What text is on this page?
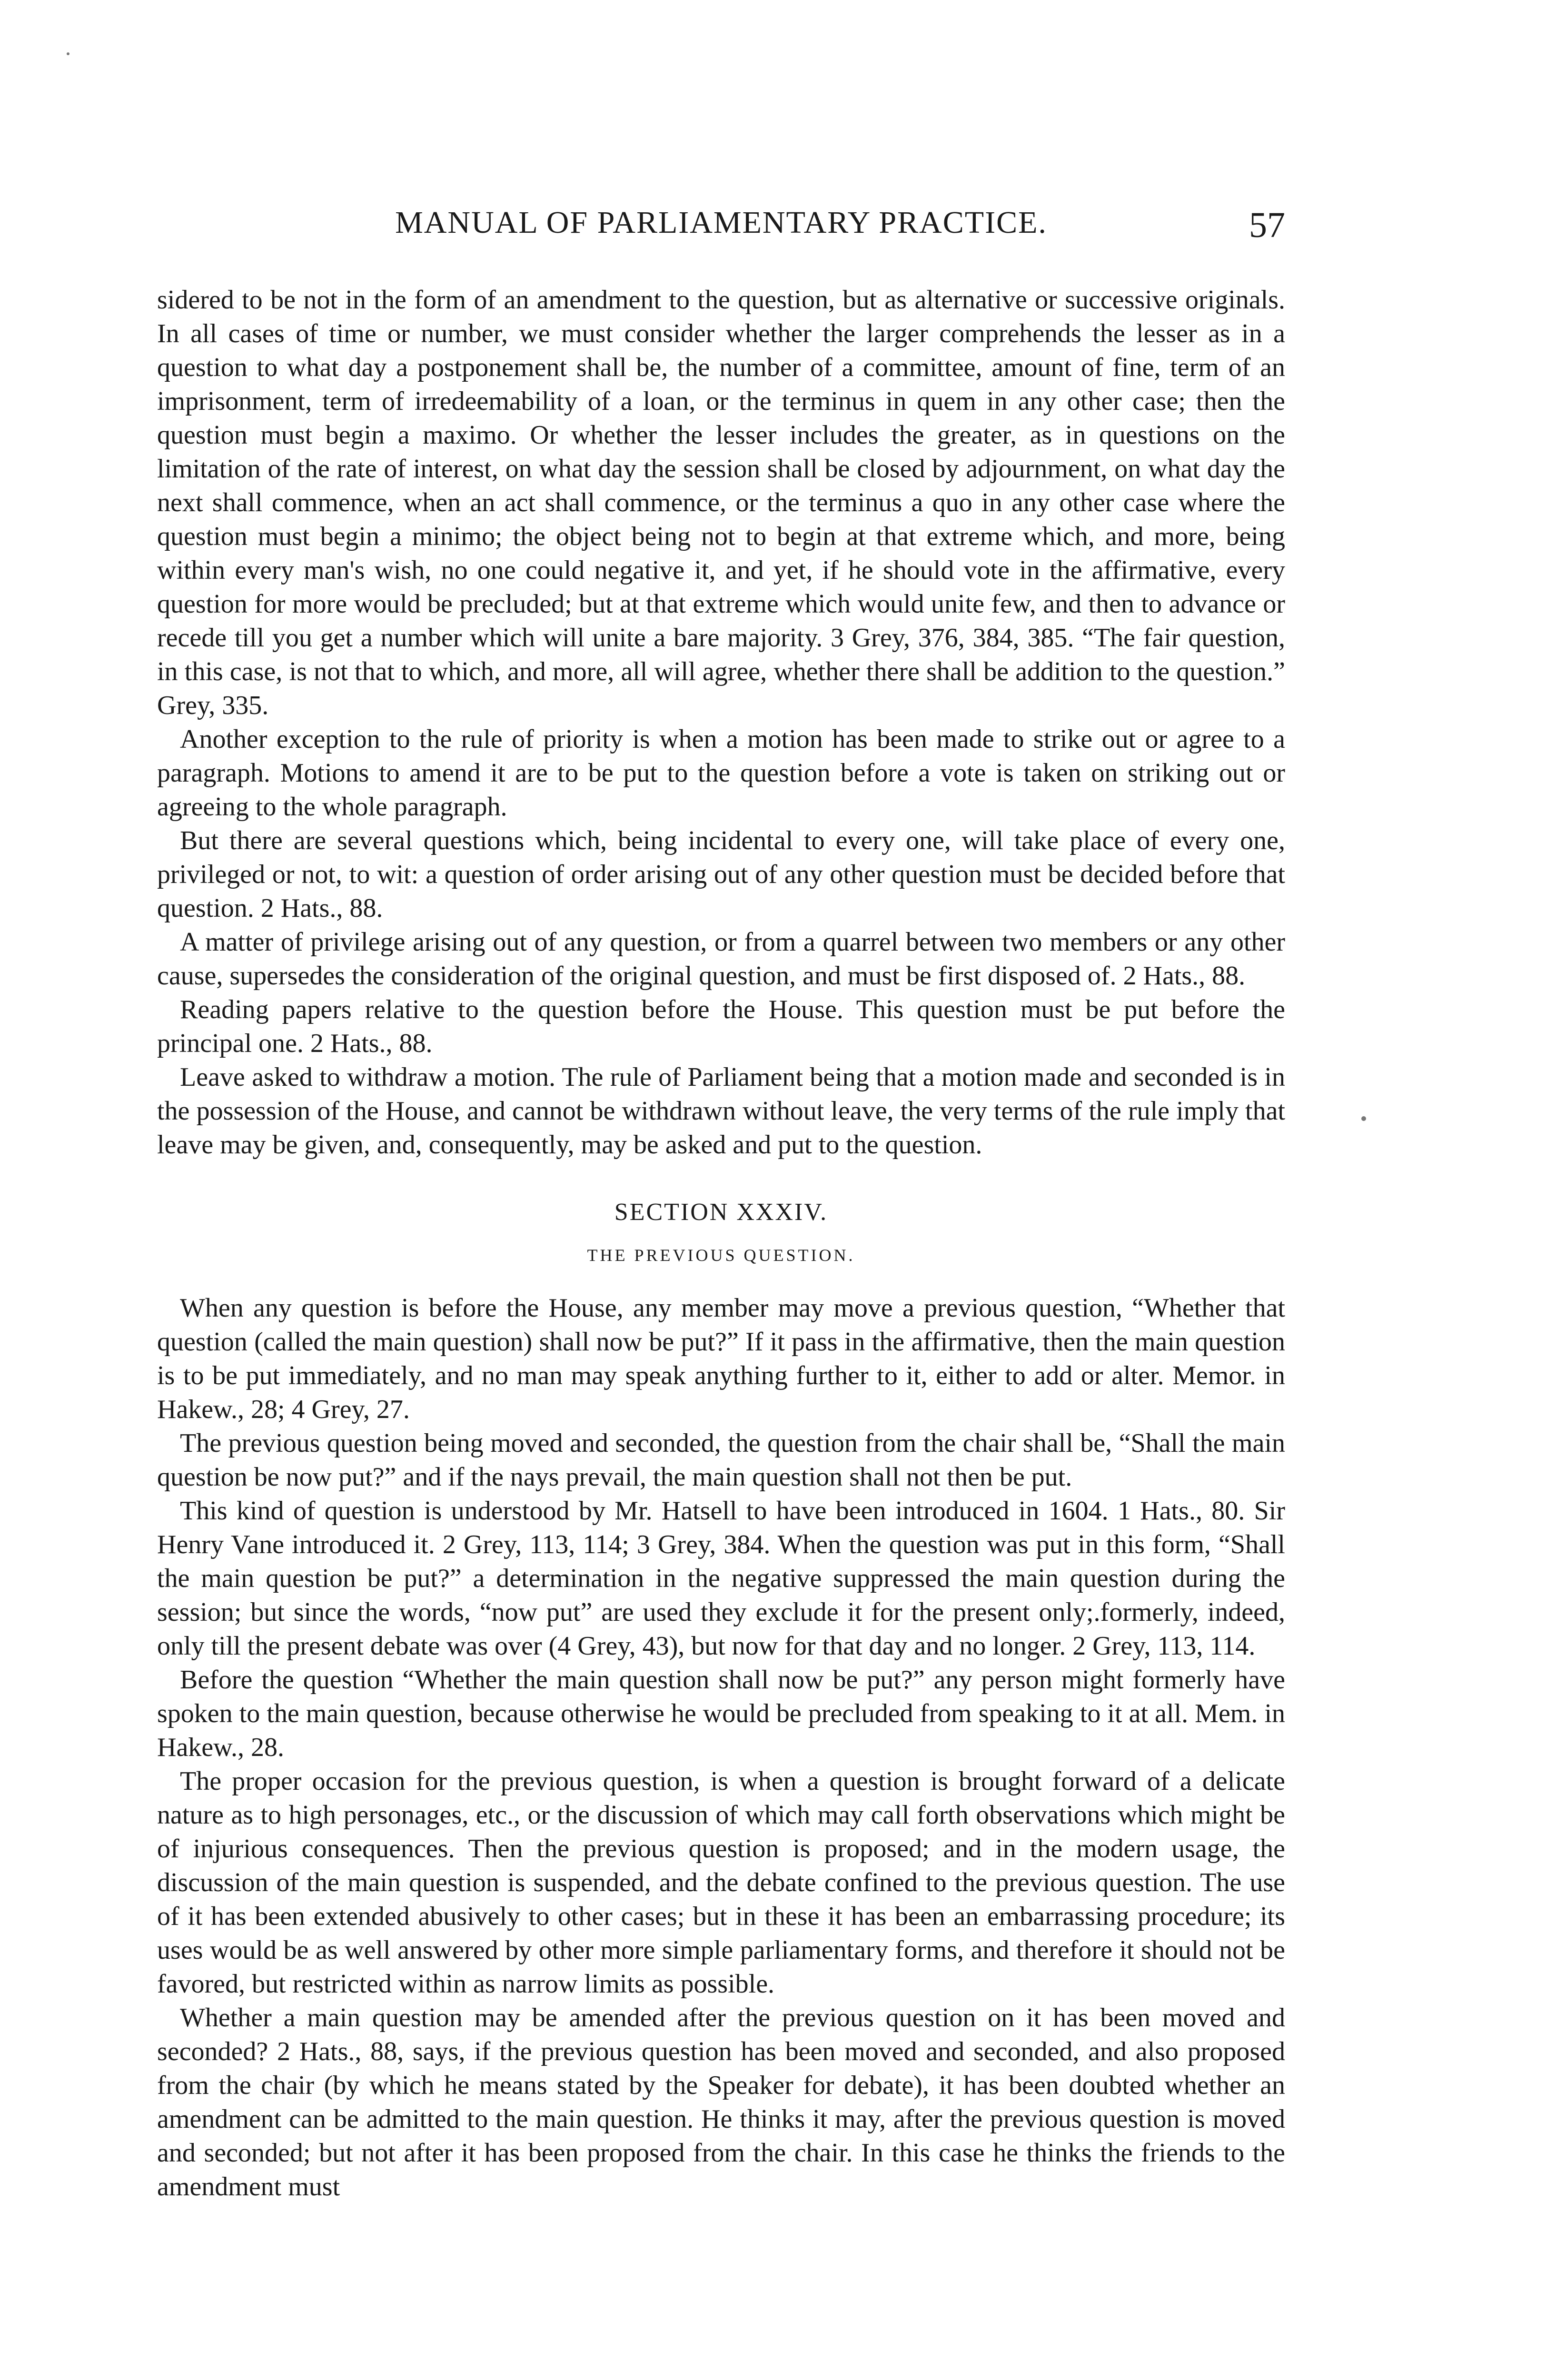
MANUAL OF PARLIAMENTARY PRACTICE.	57

sidered to be not in the form of an amendment to the question, but as alternative or successive originals. In all cases of time or number, we must consider whether the larger comprehends the lesser as in a question to what day a postponement shall be, the number of a committee, amount of fine, term of an imprisonment, term of irredeemability of a loan, or the terminus in quem in any other case; then the question must begin a maximo. Or whether the lesser includes the greater, as in questions on the limitation of the rate of interest, on what day the session shall be closed by adjournment, on what day the next shall commence, when an act shall commence, or the terminus a quo in any other case where the question must begin a minimo; the object being not to begin at that extreme which, and more, being within every man's wish, no one could negative it, and yet, if he should vote in the affirmative, every question for more would be precluded; but at that extreme which would unite few, and then to advance or recede till you get a number which will unite a bare majority. 3 Grey, 376, 384, 385. “The fair question, in this case, is not that to which, and more, all will agree, whether there shall be addition to the question.” Grey, 335.

Another exception to the rule of priority is when a motion has been made to strike out or agree to a paragraph. Motions to amend it are to be put to the question before a vote is taken on striking out or agreeing to the whole paragraph.

But there are several questions which, being incidental to every one, will take place of every one, privileged or not, to wit: a question of order arising out of any other question must be decided before that question. 2 Hats., 88.

A matter of privilege arising out of any question, or from a quarrel between two members or any other cause, supersedes the consideration of the original question, and must be first disposed of. 2 Hats., 88.

Reading papers relative to the question before the House. This question must be put before the principal one. 2 Hats., 88.

Leave asked to withdraw a motion. The rule of Parliament being that a motion made and seconded is in the possession of the House, and cannot be withdrawn without leave, the very terms of the rule imply that leave may be given, and, consequently, may be asked and put to the question.

SECTION XXXIV.
THE PREVIOUS QUESTION.

When any question is before the House, any member may move a previous question, “Whether that question (called the main question) shall now be put?” If it pass in the affirmative, then the main question is to be put immediately, and no man may speak anything further to it, either to add or alter. Memor. in Hakew., 28; 4 Grey, 27.

The previous question being moved and seconded, the question from the chair shall be, “Shall the main question be now put?” and if the nays prevail, the main question shall not then be put.

This kind of question is understood by Mr. Hatsell to have been introduced in 1604. 1 Hats., 80. Sir Henry Vane introduced it. 2 Grey, 113, 114; 3 Grey, 384. When the question was put in this form, “Shall the main question be put?” a determination in the negative suppressed the main question during the session; but since the words, “now put” are used they exclude it for the present only;.formerly, indeed, only till the present debate was over (4 Grey, 43), but now for that day and no longer. 2 Grey, 113, 114.

Before the question “Whether the main question shall now be put?” any person might formerly have spoken to the main question, because otherwise he would be precluded from speaking to it at all. Mem. in Hakew., 28.

The proper occasion for the previous question, is when a question is brought forward of a delicate nature as to high personages, etc., or the discussion of which may call forth observations which might be of injurious consequences. Then the previous question is proposed; and in the modern usage, the discussion of the main question is suspended, and the debate confined to the previous question. The use of it has been extended abusively to other cases; but in these it has been an embarrassing procedure; its uses would be as well answered by other more simple parliamentary forms, and therefore it should not be favored, but restricted within as narrow limits as possible.

Whether a main question may be amended after the previous question on it has been moved and seconded? 2 Hats., 88, says, if the previous question has been moved and seconded, and also proposed from the chair (by which he means stated by the Speaker for debate), it has been doubted whether an amendment can be admitted to the main question. He thinks it may, after the previous question is moved and seconded; but not after it has been proposed from the chair. In this case he thinks the friends to the amendment must
